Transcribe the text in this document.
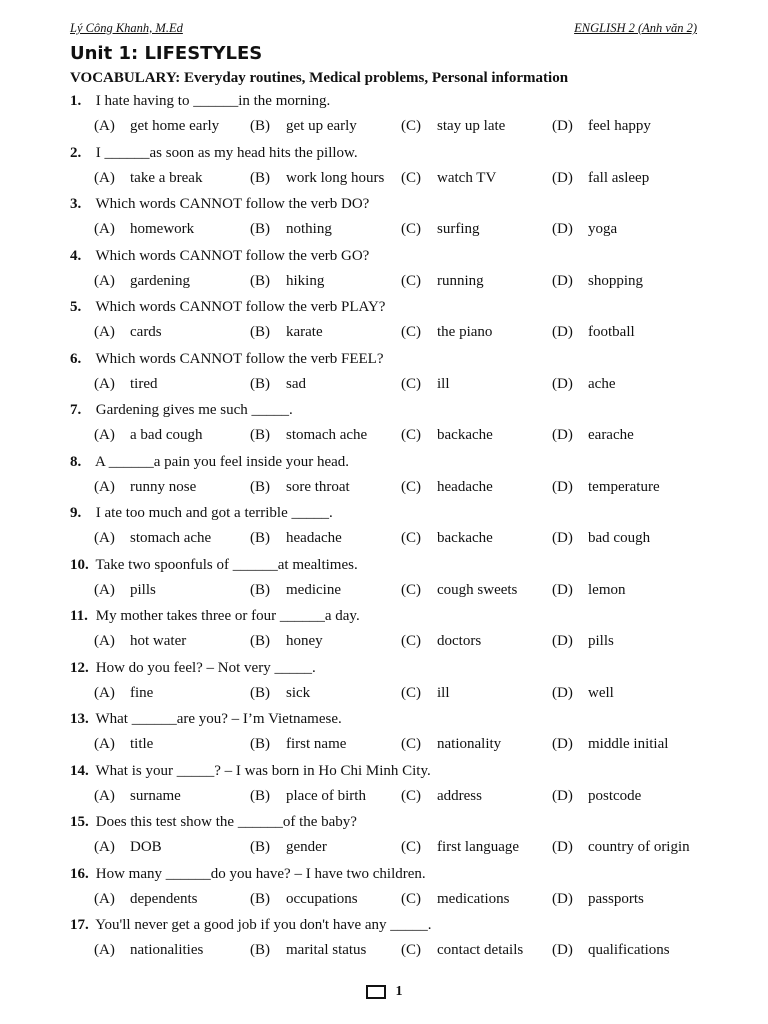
Lý Công Khanh, M.Ed	ENGLISH 2 (Anh văn 2)
Unit 1: LIFESTYLES
VOCABULARY: Everyday routines, Medical problems, Personal information
1. I hate having to ______in the morning.
(A) get home early (B) get up early	(C) stay up late	(D) feel happy
2. I ______as soon as my head hits the pillow.
(A) take a break	(B) work long hours (C) watch TV	(D) fall asleep
3. Which words CANNOT follow the verb DO?
(A) homework	(B) nothing	(C) surfing	(D) yoga
4. Which words CANNOT follow the verb GO?
(A) gardening	(B) hiking	(C) running	(D) shopping
5. Which words CANNOT follow the verb PLAY?
(A) cards	(B) karate	(C) the piano	(D) football
6. Which words CANNOT follow the verb FEEL?
(A) tired	(B) sad	(C) ill	(D) ache
7. Gardening gives me such _____.
(A) a bad cough	(B) stomach ache (C) backache	(D) earache
8. A ______a pain you feel inside your head.
(A) runny nose	(B) sore throat	(C) headache	(D) temperature
9. I ate too much and got a terrible _____.
(A) stomach ache	(B) headache	(C) backache	(D) bad cough
10. Take two spoonfuls of ______at mealtimes.
(A) pills	(B) medicine	(C) cough sweets (D) lemon
11. My mother takes three or four ______a day.
(A) hot water	(B) honey	(C) doctors	(D) pills
12. How do you feel? – Not very _____.
(A) fine	(B) sick	(C) ill	(D) well
13. What ______are you? – I’m Vietnamese.
(A) title	(B) first name	(C) nationality	(D) middle initial
14. What is your _____? – I was born in Ho Chi Minh City.
(A) surname	(B) place of birth (C) address	(D) postcode
15. Does this test show the ______of the baby?
(A) DOB	(B) gender	(C) first language (D) country of origin
16. How many ______do you have? – I have two children.
(A) dependents	(B) occupations	(C) medications	(D) passports
17. You'll never get a good job if you don't have any _____.
(A) nationalities	(B) marital status (C) contact details (D) qualifications
1
